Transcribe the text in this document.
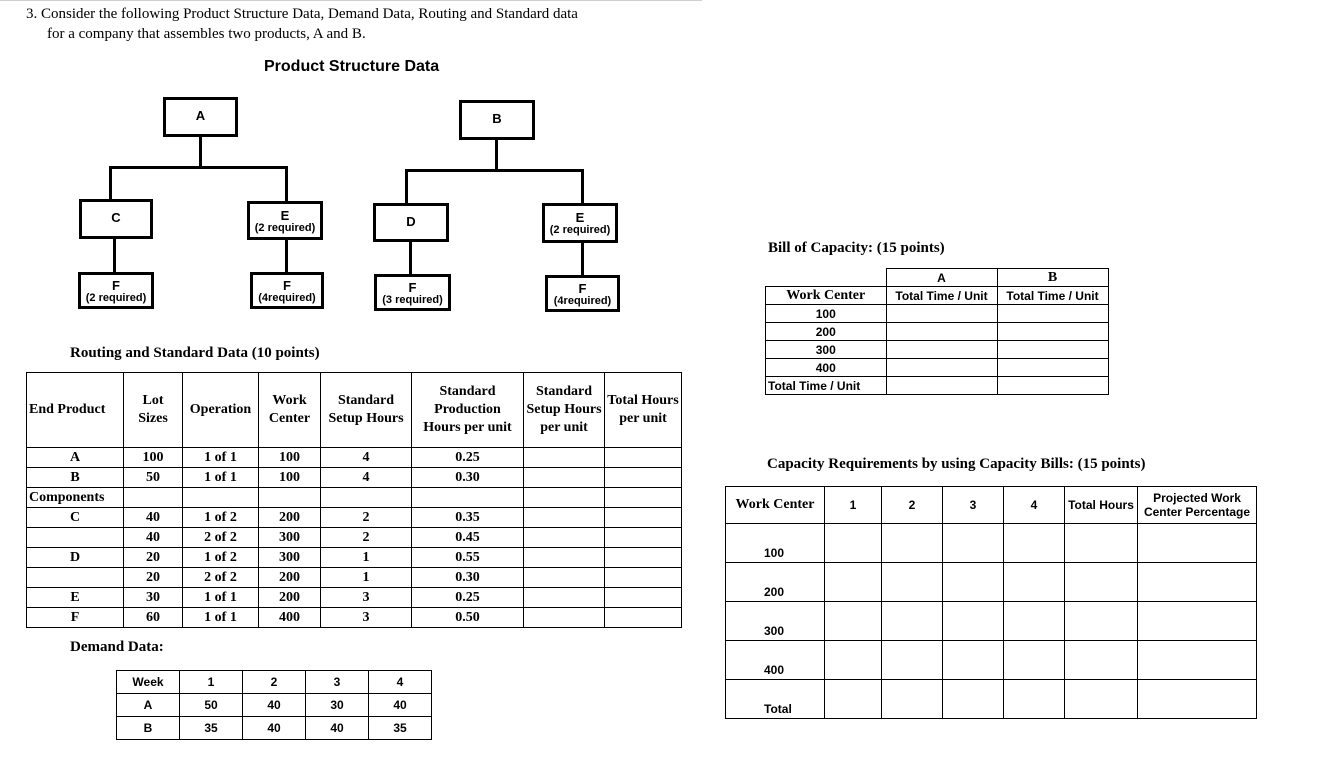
3. Consider the following Product Structure Data, Demand Data, Routing and Standard data
for a company that assembles two products, A and B.
Product Structure Data
A
C	E
(2 required)
F
(2 required)
F
(4required)
B
D	E
(2 required)
F
(3 required)
F
(4required)
Routing and Standard Data (10 points)
End Product	Lot Sizes	Operation	Work Center	Standard Setup Hours	Standard Production Hours per unit	Standard Setup Hours per unit	Total Hours per unit
A	100	1 of 1	100	4	0.25		
B	50	1 of 1	100	4	0.30		
Components							
C	40	1 of 2	200	2	0.35		
	40	2 of 2	300	2	0.45		
D	20	1 of 2	300	1	0.55		
	20	2 of 2	200	1	0.30		
E	30	1 of 1	200	3	0.25		
F	60	1 of 1	400	3	0.50		
Demand Data:
Week	1	2	3	4
A	50	40	30	40
B	35	40	40	35
Bill of Capacity: (15 points)
	A	B
Work Center	Total Time / Unit	Total Time / Unit
100		
200		
300		
400		
Total Time / Unit		
Capacity Requirements by using Capacity Bills: (15 points)
Work Center	1	2	3	4	Total Hours	Projected Work Center Percentage
100						
200						
300						
400						
Total						
